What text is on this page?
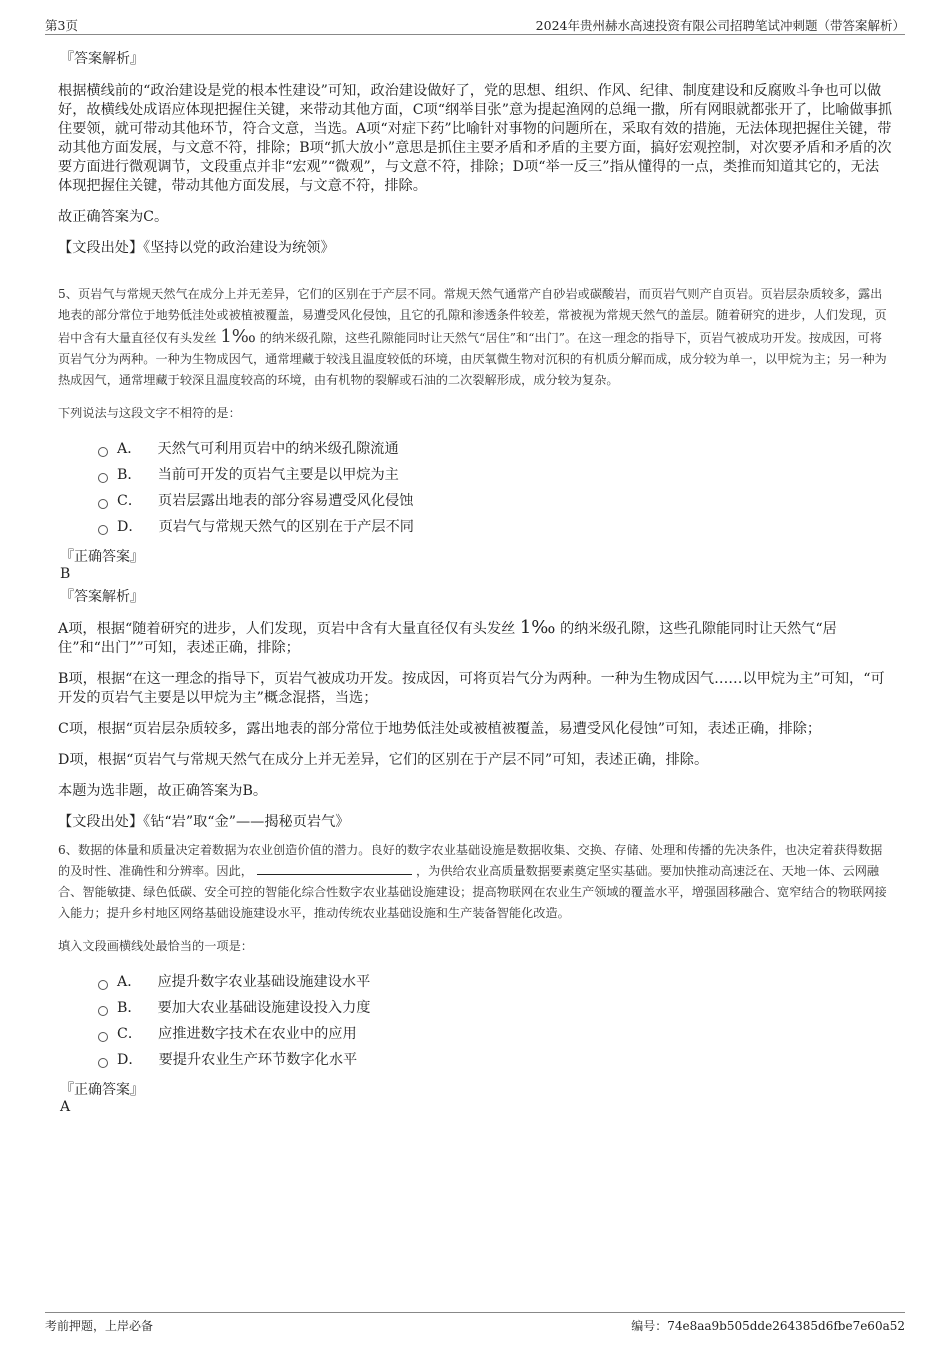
第3页	2024年贵州赫水高速投资有限公司招聘笔试冲刺题（带答案解析）
『答案解析』

根据横线前的“政治建设是党的根本性建设”可知，政治建设做好了，党的思想、组织、作风、纪律、制度建设和反腐败斗争也可以做好，故横线处成语应体现把握住关键，来带动其他方面，C项“纲举目张”意为提起渔网的总绳一撒，所有网眼就都张开了，比喻做事抓住要领，就可带动其他环节，符合文意，当选。A项“对症下药”比喻针对事物的问题所在，采取有效的措施，无法体现把握住关键，带动其他方面发展，与文意不符，排除；B项“抓大放小”意思是抓住主要矛盾和矛盾的主要方面，搞好宏观控制，对次要矛盾和矛盾的次要方面进行微观调节，文段重点并非“宏观”“微观”，与文意不符，排除；D项“举一反三”指从懂得的一点，类推而知道其它的，无法体现把握住关键，带动其他方面发展，与文意不符，排除。

故正确答案为C。

【文段出处】《坚持以党的政治建设为统领》

5、页岩气与常规天然气在成分上并无差异，它们的区别在于产层不同。常规天然气通常产自砂岩或碳酸岩，而页岩气则产自页岩。页岩层杂质较多，露出地表的部分常位于地势低洼处或被植被覆盖，易遭受风化侵蚀，且它的孔隙和渗透条件较差，常被视为常规天然气的盖层。随着研究的进步，人们发现，页岩中含有大量直径仅有头发丝 1‰ 的纳米级孔隙，这些孔隙能同时让天然气“居住”和“出门”。在这一理念的指导下，页岩气被成功开发。按成因，可将页岩气分为两种。一种为生物成因气，通常埋藏于较浅且温度较低的环境，由厌氧微生物对沉积的有机质分解而成，成分较为单一，以甲烷为主；另一种为热成因气，通常埋藏于较深且温度较高的环境，由有机物的裂解或石油的二次裂解形成，成分较为复杂。

下列说法与这段文字不相符的是：

A． 天然气可利用页岩中的纳米级孔隙流通
B． 当前可开发的页岩气主要是以甲烷为主
C． 页岩层露出地表的部分容易遭受风化侵蚀
D． 页岩气与常规天然气的区别在于产层不同
『正确答案』
B
『答案解析』

A项，根据“随着研究的进步，人们发现，页岩中含有大量直径仅有头发丝 1‰ 的纳米级孔隙，这些孔隙能同时让天然气“居住”和“出门””可知，表述正确，排除；

B项，根据“在这一理念的指导下，页岩气被成功开发。按成因，可将页岩气分为两种。一种为生物成因气……以甲烷为主”可知，“可开发的页岩气主要是以甲烷为主”概念混搭，当选；

C项，根据“页岩层杂质较多，露出地表的部分常位于地势低洼处或被植被覆盖，易遭受风化侵蚀”可知，表述正确，排除；

D项，根据“页岩气与常规天然气在成分上并无差异，它们的区别在于产层不同”可知，表述正确，排除。

本题为选非题，故正确答案为B。

【文段出处】《钻“岩”取“金”——揭秘页岩气》

6、数据的体量和质量决定着数据为农业创造价值的潜力。良好的数字农业基础设施是数据收集、交换、存储、处理和传播的先决条件，也决定着获得数据的及时性、准确性和分辨率。因此，	，为供给农业高质量数据要素奠定坚实基础。要加快推动高速泛在、天地一体、云网融合、智能敏捷、绿色低碳、安全可控的智能化综合性数字农业基础设施建设；提高物联网在农业生产领域的覆盖水平，增强固移融合、宽窄结合的物联网接入能力；提升乡村地区网络基础设施建设水平，推动传统农业基础设施和生产装备智能化改造。

填入文段画横线处最恰当的一项是：

A． 应提升数字农业基础设施建设水平
B． 要加大农业基础设施建设投入力度
C． 应推进数字技术在农业中的应用
D． 要提升农业生产环节数字化水平
『正确答案』
A
考前押题，上岸必备	编号：74e8aa9b505dde264385d6fbe7e60a52
